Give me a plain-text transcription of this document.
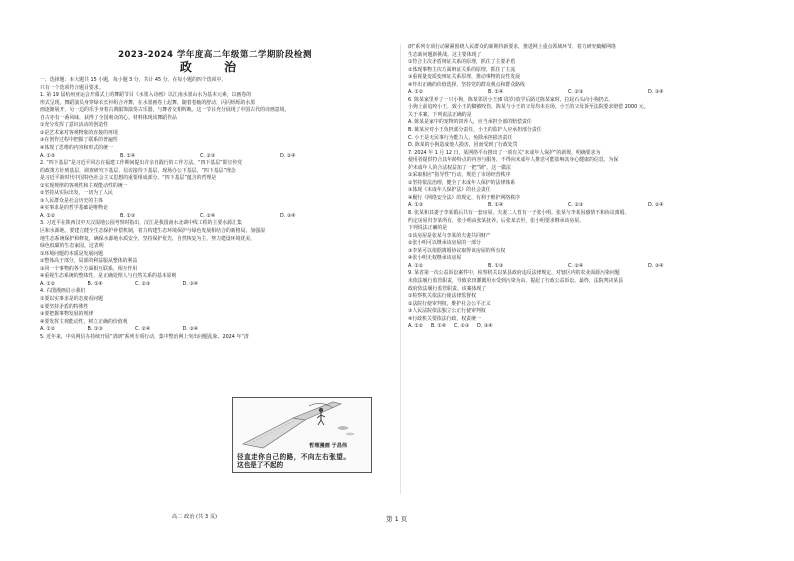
2023-2024 学年度高二年级第二学期阶段检测
政 治

一、选择题：本大题共 15 小题，每小题 3 分，共计 45 分。在每小题的四个选项中，

只有一个选项符合题目要求。

1. 第 19 届杭州亚运会开幕式上的舞蹈节目《水墨入诗画》以江南水墨山水为基本元素，以画卷的

形式呈现。舞蹈演员身穿绿衣长衫组合齐舞，在水墨画卷上起舞，随着卷轴的舒动，闪闪烁烁的水墨

画逐渐展开，另一边的乐手身着古典服饰演奏古乐器，与舞者交相辉映。这一节目充分展现了中国古代的诗画意境，

自古亦有一番风味，获得了全国观众的心。材料体现该舞蹈作品

①充分发挥了意识活动的创造性

②是艺术家对客观物象的直接的再现

③在创作过程中把握了联系的普遍性

④体现了思维的内容和形式的统一

A. ①③	B. ①④	C. ②③	D. ②④

2. “四下基层”是习近平同志在福建工作期间提出并亲自践行的工作方法。“四下基层”即宣传党

的政策方针到基层，调查研究下基层，信访接待下基层，现场办公下基层。“四下基层”理念

是习近平新时代中国特色社会主义思想的重要组成部分。“四下基层”蕴含的哲理是

①实现规律的客观性和主观能动性的统一

②坚持从实际出发，一切为了人民

③人民群众是社会历史的主体

④实事求是的哲学基础是唯物论

A. ①②	B. ①③	C. ②④	D. ③④

3. 习近平在陕西汉中天汉湿地公园考察时指出，汉江是我国南水北调中线工程的主要水源汇集

区和水源地，要建立健全生态保护补偿机制，着力构建生态环境保护与绿色发展相结合的新格局，加强湿

地生态系统保护和修复，确保水源地水质安全，坚持保护优先、自然恢复为主，努力建设环境优美、

绿色低碳的生态家园。这表明

①环境问题的本质是发展问题

②整体高于部分，局部的利益服从整体的利益

③同一个事物的各个方面相互联系，相互作用

④重视生态系统的整体性，是正确处理人与自然关系的基本原则

A. ①②	B. ①④	C. ②③	D. ③④

4. 右图漫画启示我们

①要以实事求是的态度看问题

②要坚持矛盾的特殊性

③要把握事物发展的规律

④要发挥主观能动性，树立正确的价值观

A. ①②	B. ①③	C. ②④	D. ③④

5. 近年来，中央网信办持续开展“清朗”系列专项行动，集中整治网上突出问题乱象。2024 年“清

哲理漫画 于昌伟
径直走你自己的路，不向左右张望。
这也是了不起的

朗”系列专项行动紧紧围绕人民群众的新期待新要求，推进网上重点领域环节，着力研究破解网络

生态新问题新挑战。这主要体现了

①符合主次矛盾辩证关系的原理，抓住了主要矛盾

②体现事物主次方面辩证关系的原理，抓住了主流

③重视量变质变辩证关系原理，推动事物的良性发展

④作出正确的价值选择，坚持党的群众观点和群众路线

A. ①②	B. ①④	C. ②③	D. ③④

6. 陈某家里养了一只小狗，陈某邻居小王(6 周岁)放学后路过陈某家时，拉起石头向小狗扔去。

小狗上前追咬小王，致小王的脚被咬伤，陈某与小王的父母均未在场。小王的父母诉至法院要求赔偿 2000 元。

关于本案，下列说法正确的是

A. 陈某是家中的宠物的饲养人，应当承担全部的赔偿责任

B. 陈某应对小王负担部分责任，小王的监护人应承担部分责任

C. 小王是无民事行为能力人，免除承担损害责任

D. 陈某的小狗造成他人损害，因而受到了行政处罚

7. 2024 年 1 月 12 日，某网络平台推出了一项有关“未成年人保护”的新规，明确要求为

使用者提供符合其年龄特点的内容与服务，不得向未成年人推送可能影响其身心健康的信息，为保

护未成年人的合法权益加了一把“锁”。这一做法

①采取相应“指导性”行动，规范了市场经营秩序

②坚持依法治理，健全了未成年人保护的法律体系

③体现《未成年人保护法》的社会责任

④履行《网络安全法》的规定，有利于维护网络秩序

A. ①③	B. ①④	C. ②③	D. ②④

8. 张某和其妻子李某婚后共有一套房屋，夫妻二人育有一子张小明。张某与李某因感情不和协议离婚，

约定房屋归李某所有，张小明由张某抚养。后张某去世，张小明要求继承该房屋。

下列说法正确的是

①该房屋是张某与李某的夫妻共同财产

②张小明可以继承该房屋的一部分

③李某可以依据离婚协议取得该房屋的所有权

④张小明无权继承该房屋

A. ①②	B. ①③	C. ②④	D. ③④

9. 某省第一次公益诉讼案件中，检察机关以某县政府违反法律规定，对辖区内的农业面源污染问题

未依法履行监管职责，导致农田灌溉用水受到污染为由，提起了行政公益诉讼。最终，法院判决某县

政府依法履行监管职责。该案体现了

①检察机关依法行使法律监督权

②法院行使审判权，维护社会公平正义

③人民法院依法独立公正行使审判权

④行政机关要依法行政，权责统一

A. ①②     B. ①④     C. ②③     D. ③④

高二 政治 (共 3 页)	第 1 页
